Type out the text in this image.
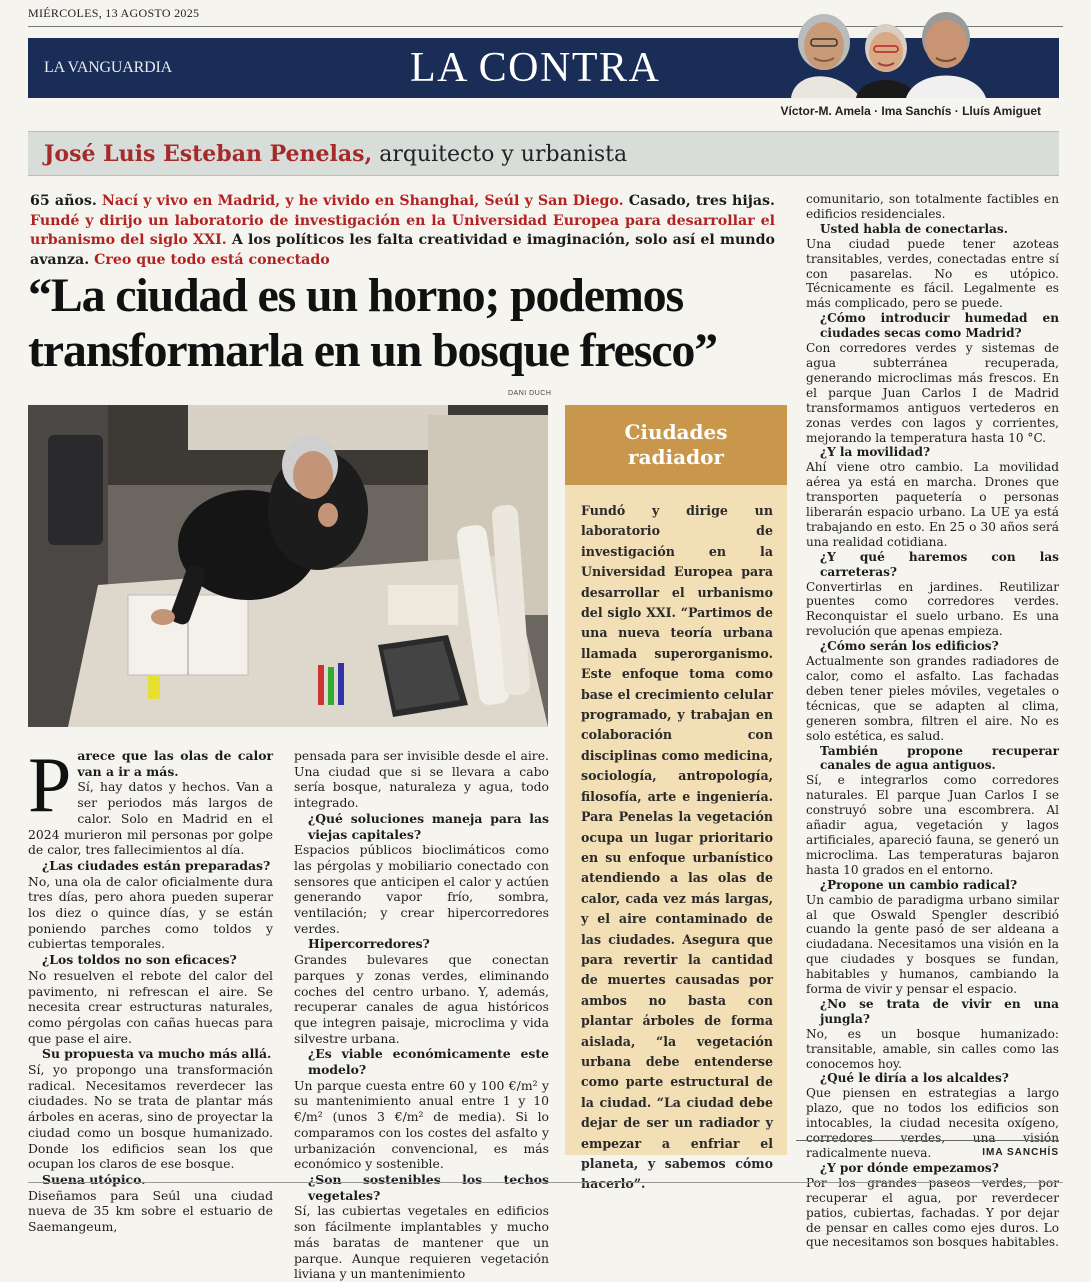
MIÉRCOLES, 13 AGOSTO 2025
LA VANGUARDIA	LA CONTRA
Víctor-M. Amela · Ima Sanchís · Lluís Amiguet
José Luis Esteban Penelas, arquitecto y urbanista
65 años. Nací y vivo en Madrid, y he vivido en Shanghai, Seúl y San Diego. Casado, tres hijas. Fundé y dirijo un laboratorio de investigación en la Universidad Europea para desarrollar el urbanismo del siglo XXI. A los políticos les falta creatividad e imaginación, solo así el mundo avanza. Creo que todo está conectado
“La ciudad es un horno; podemos transformarla en un bosque fresco”
DANI DUCH
P arece que las olas de calor van a ir a más.

Sí, hay datos y hechos. Van a ser periodos más largos de calor. Solo en Madrid en el 2024 murieron mil personas por golpe de calor, tres fallecimientos al día.

¿Las ciudades están preparadas?

No, una ola de calor oficialmente dura tres días, pero ahora pueden superar los diez o quince días, y se están poniendo parches como toldos y cubiertas temporales.

¿Los toldos no son eficaces?

No resuelven el rebote del calor del pavimento, ni refrescan el aire. Se necesita crear estructuras naturales, como pérgolas con cañas huecas para que pase el aire.

Su propuesta va mucho más allá.

Sí, yo propongo una transformación radical. Necesitamos reverdecer las ciudades. No se trata de plantar más árboles en aceras, sino de proyectar la ciudad como un bosque humanizado. Donde los edificios sean los que ocupan los claros de ese bosque.

Suena utópico.

Diseñamos para Seúl una ciudad nueva de 35 km sobre el estuario de Saemangeum,

pensada para ser invisible desde el aire. Una ciudad que si se llevara a cabo sería bosque, naturaleza y agua, todo integrado.

¿Qué soluciones maneja para las viejas capitales?

Espacios públicos bioclimáticos como las pérgolas y mobiliario conectado con sensores que anticipen el calor y actúen generando vapor frío, sombra, ventilación; y crear hipercorredores verdes.

Hipercorredores?

Grandes bulevares que conectan parques y zonas verdes, eliminando coches del centro urbano. Y, además, recuperar canales de agua históricos que integren paisaje, microclima y vida silvestre urbana.

¿Es viable económicamente este modelo?

Un parque cuesta entre 60 y 100 €/m² y su mantenimiento anual entre 1 y 10 €/m² (unos 3 €/m² de media). Si lo comparamos con los costes del asfalto y urbanización convencional, es más económico y sostenible.

¿Son sostenibles los techos vegetales?

Sí, las cubiertas vegetales en edificios son fácilmente implantables y mucho más baratas de mantener que un parque. Aunque requieren vegetación liviana y un mantenimiento

Ciudades
radiador
Fundó y dirige un laboratorio de investigación en la Universidad Europea para desarrollar el urbanismo del siglo XXI. “Partimos de una nueva teoría urbana llamada superorganismo. Este enfoque toma como base el crecimiento celular programado, y trabajan en colaboración con disciplinas como medicina, sociología, antropología, filosofía, arte e ingeniería. Para Penelas la vegetación ocupa un lugar prioritario en su enfoque urbanístico atendiendo a las olas de calor, cada vez más largas, y el aire contaminado de las ciudades. Asegura que para revertir la cantidad de muertes causadas por ambos no basta con plantar árboles de forma aislada, “la vegetación urbana debe entenderse como parte estructural de la ciudad. “La ciudad debe dejar de ser un radiador y empezar a enfriar el planeta, y sabemos cómo hacerlo”.

comunitario, son totalmente factibles en edificios residenciales.

Usted habla de conectarlas.

Una ciudad puede tener azoteas transitables, verdes, conectadas entre sí con pasarelas. No es utópico. Técnicamente es fácil. Legalmente es más complicado, pero se puede.

¿Cómo introducir humedad en ciudades secas como Madrid?

Con corredores verdes y sistemas de agua subterránea recuperada, generando microclimas más frescos. En el parque Juan Carlos I de Madrid transformamos antiguos vertederos en zonas verdes con lagos y corrientes, mejorando la temperatura hasta 10 °C.

¿Y la movilidad?

Ahí viene otro cambio. La movilidad aérea ya está en marcha. Drones que transporten paquetería o personas liberarán espacio urbano. La UE ya está trabajando en esto. En 25 o 30 años será una realidad cotidiana.

¿Y qué haremos con las carreteras?

Convertirlas en jardines. Reutilizar puentes como corredores verdes. Reconquistar el suelo urbano. Es una revolución que apenas empieza.

¿Cómo serán los edificios?

Actualmente son grandes radiadores de calor, como el asfalto. Las fachadas deben tener pieles móviles, vegetales o técnicas, que se adapten al clima, generen sombra, filtren el aire. No es solo estética, es salud.

También propone recuperar canales de agua antiguos.

Sí, e integrarlos como corredores naturales. El parque Juan Carlos I se construyó sobre una escombrera. Al añadir agua, vegetación y lagos artificiales, apareció fauna, se generó un microclima. Las temperaturas bajaron hasta 10 grados en el entorno.

¿Propone un cambio radical?

Un cambio de paradigma urbano similar al que Oswald Spengler describió cuando la gente pasó de ser aldeana a ciudadana. Necesitamos una visión en la que ciudades y bosques se fundan, habitables y humanos, cambiando la forma de vivir y pensar el espacio.

¿No se trata de vivir en una jungla?

No, es un bosque humanizado: transitable, amable, sin calles como las conocemos hoy.

¿Qué le diría a los alcaldes?

Que piensen en estrategias a largo plazo, que no todos los edificios son intocables, la ciudad necesita oxígeno, corredores verdes, una visión radicalmente nueva.

¿Y por dónde empezamos?

Por los grandes paseos verdes, por recuperar el agua, por reverdecer patios, cubiertas, fachadas. Y por dejar de pensar en calles como ejes duros. Lo que necesitamos son bosques habitables.

IMA SANCHÍS
